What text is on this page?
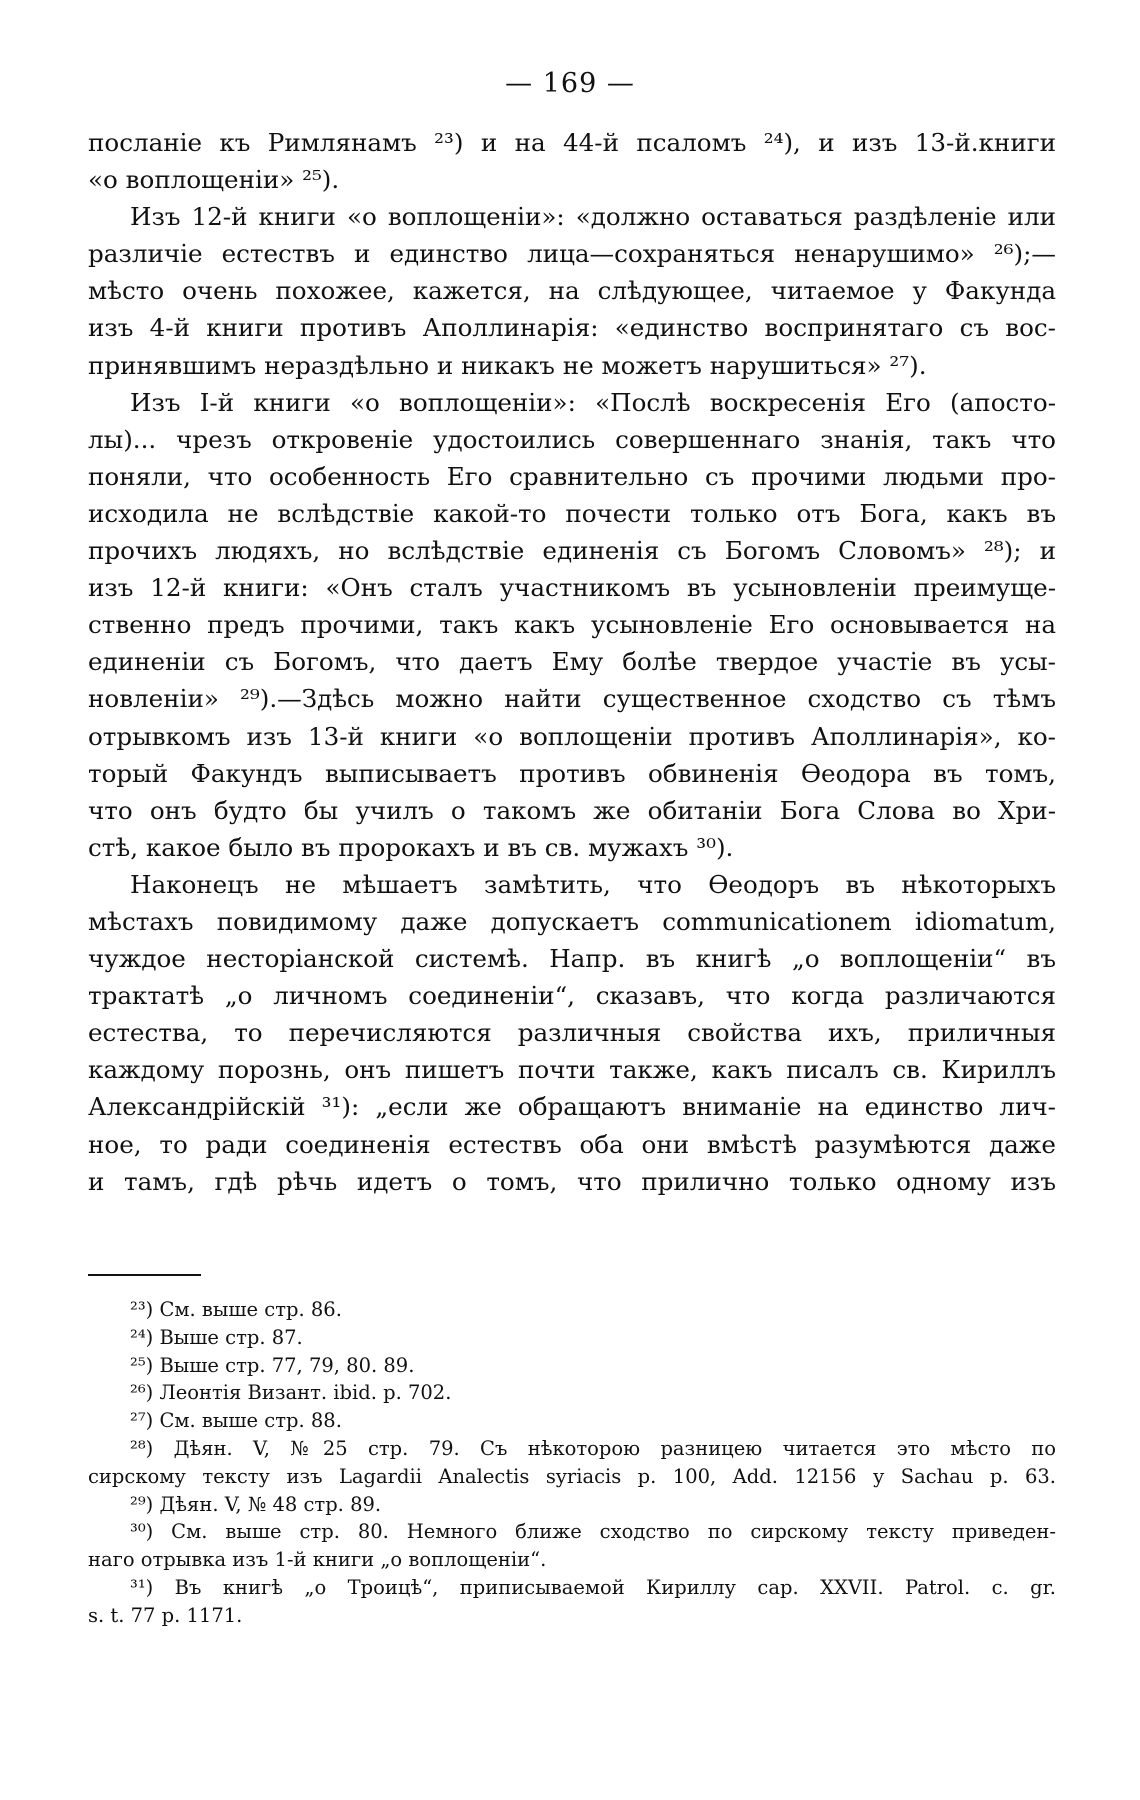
— 169 —
посланіе къ Римлянамъ ²³) и на 44-й псаломъ ²⁴), и изъ 13-й.книги
«о воплощеніи» ²⁵).
Изъ 12-й книги «о воплощеніи»: «должно оставаться раздѣленіе или
различіе естествъ и единство лица—сохраняться ненарушимо» ²⁶);—
мѣсто очень похожее, кажется, на слѣдующее, читаемое у Факунда
изъ 4-й книги противъ Аполлинарія: «единство воспринятаго съ вос-
принявшимъ нераздѣльно и никакъ не можетъ нарушиться» ²⁷).
Изъ I-й книги «о воплощеніи»: «Послѣ воскресенія Его (апосто-
лы)... чрезъ откровеніе удостоились совершеннаго знанія, такъ что
поняли, что особенность Его сравнительно съ прочими людьми про-
исходила не вслѣдствіе какой-то почести только отъ Бога, какъ въ
прочихъ людяхъ, но вслѣдствіе единенія съ Богомъ Словомъ» ²⁸); и
изъ 12-й книги: «Онъ сталъ участникомъ въ усыновленіи преимуще-
ственно предъ прочими, такъ какъ усыновленіе Его основывается на
единеніи съ Богомъ, что даетъ Ему болѣе твердое участіе въ усы-
новленіи» ²⁹).—Здѣсь можно найти существенное сходство съ тѣмъ
отрывкомъ изъ 13-й книги «о воплощеніи противъ Аполлинарія», ко-
торый Факундъ выписываетъ противъ обвиненія Ѳеодора въ томъ,
что онъ будто бы училъ о такомъ же обитаніи Бога Слова во Хри-
стѣ, какое было въ пророкахъ и въ св. мужахъ ³⁰).
Наконецъ не мѣшаетъ замѣтить, что Ѳеодоръ въ нѣкоторыхъ
мѣстахъ повидимому даже допускаетъ communicationem idiomatum,
чуждое несторіанской системѣ. Напр. въ книгѣ „о воплощеніи“ въ
трактатѣ „о личномъ соединеніи“, сказавъ, что когда различаются
естества, то перечисляются различныя свойства ихъ, приличныя
каждому порознь, онъ пишетъ почти также, какъ писалъ св. Кириллъ
Александрійскій ³¹): „если же обращаютъ вниманіе на единство лич-
ное, то ради соединенія естествъ оба они вмѣстѣ разумѣются даже
и тамъ, гдѣ рѣчь идетъ о томъ, что прилично только одному изъ
²³) См. выше стр. 86.
²⁴) Выше стр. 87.
²⁵) Выше стр. 77, 79, 80. 89.
²⁶) Леонтія Визант. ibid. p. 702.
²⁷) См. выше стр. 88.
²⁸) Дѣян. V, №25 стр. 79. Съ нѣкоторою разницею читается это мѣсто по
сирскому тексту изъ Lagardii Analectis syriacis p. 100, Add. 12156 у Sachau p. 63.
²⁹) Дѣян. V, № 48 стр. 89.
³⁰) См. выше стр. 80. Немного ближе сходство по сирскому тексту приведен-
наго отрывка изъ 1-й книги „о воплощеніи“.
³¹) Въ книгѣ „о Троицѣ“, приписываемой Кириллу сар. XXVII. Patrol. c. gr.
s. t. 77 p. 1171.
